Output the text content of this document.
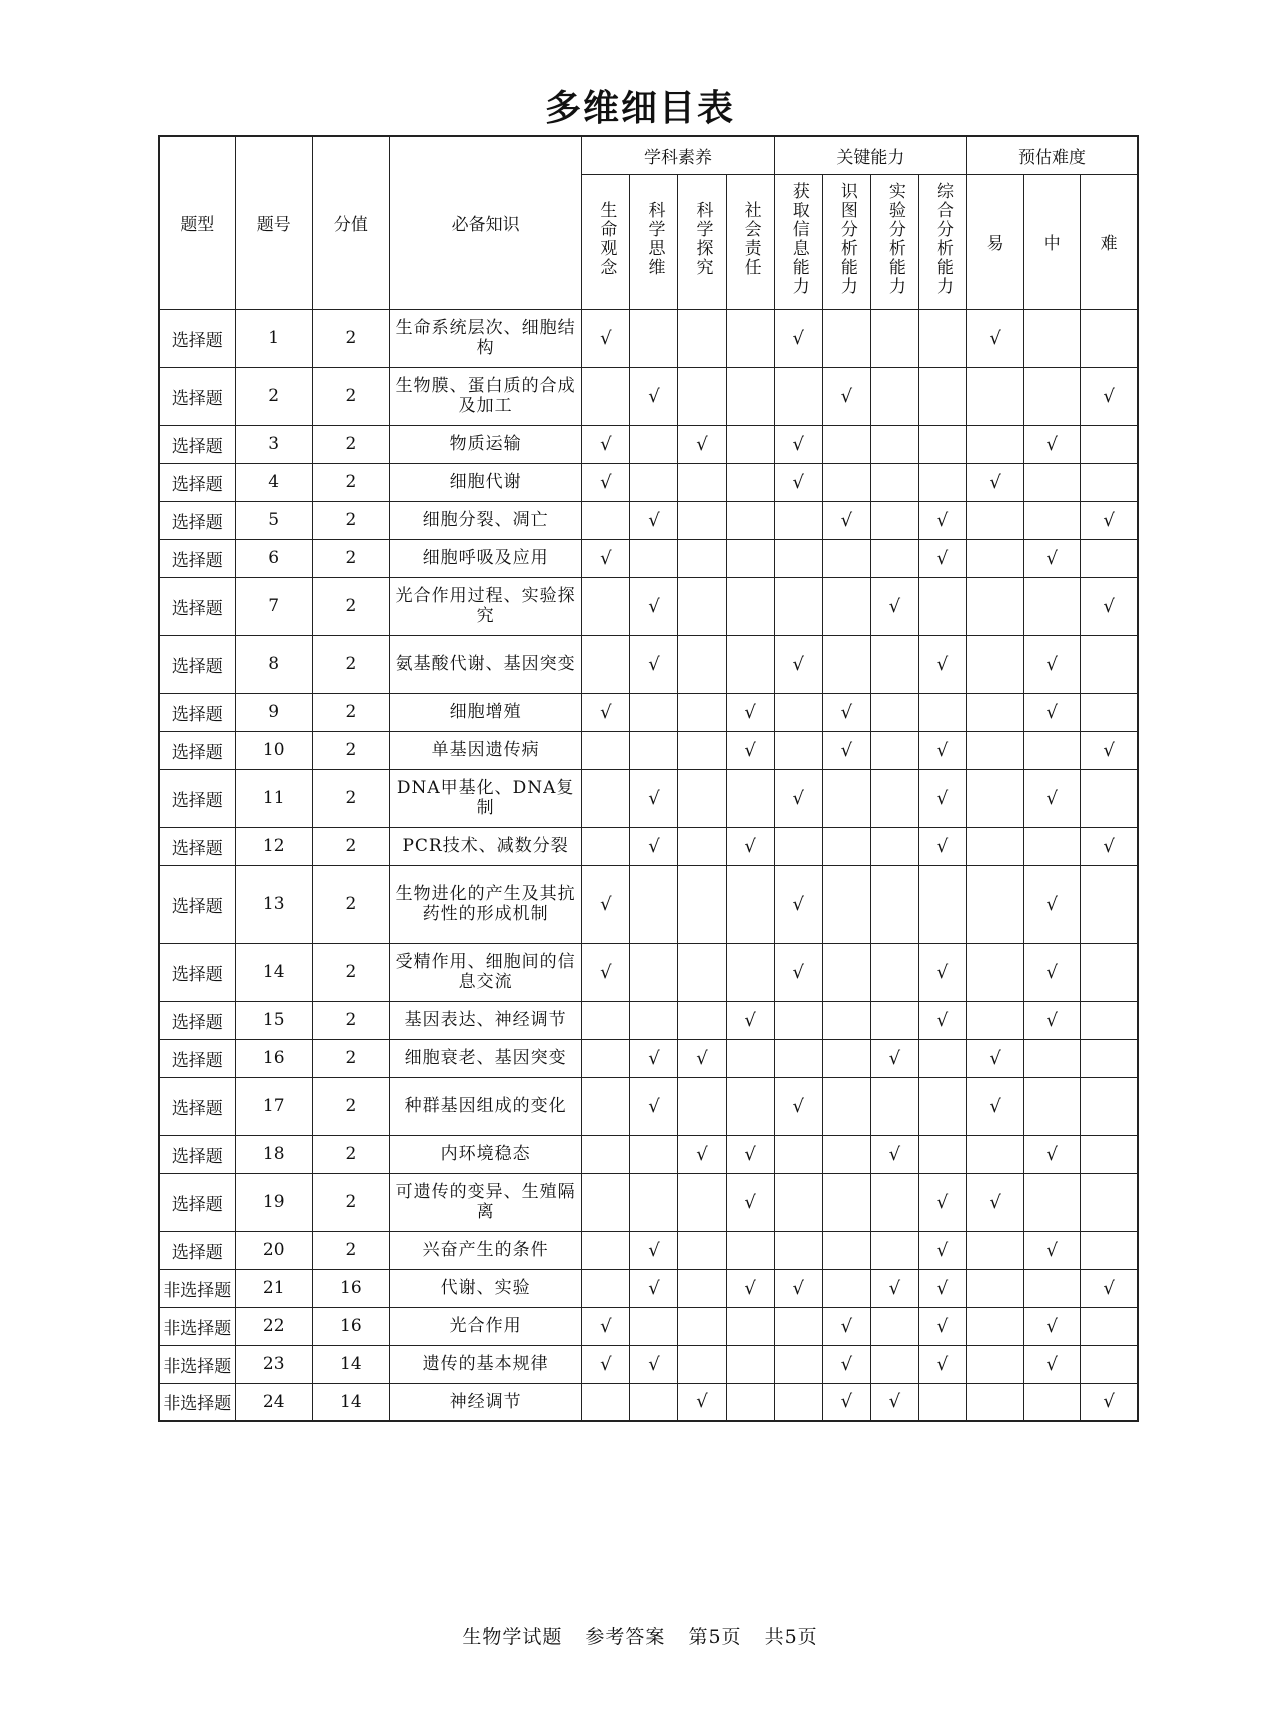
多维细目表
题型	题号	分值	必备知识	学科素养				关键能力				预估难度		
				生命观念	科学思维	科学探究	社会责任	获取信息能力	识图分析能力	实验分析能力	综合分析能力	易	中	难
选择题	1	2	生命系统层次、细胞结构	√				√				√		
选择题	2	2	生物膜、蛋白质的合成及加工		√				√					√
选择题	3	2	物质运输	√		√		√					√	
选择题	4	2	细胞代谢	√				√				√		
选择题	5	2	细胞分裂、凋亡		√				√		√			√
选择题	6	2	细胞呼吸及应用	√							√		√	
选择题	7	2	光合作用过程、实验探究		√					√				√
选择题	8	2	氨基酸代谢、基因突变		√			√			√		√	
选择题	9	2	细胞增殖	√			√		√				√	
选择题	10	2	单基因遗传病				√		√		√			√
选择题	11	2	DNA甲基化、DNA复制		√			√			√		√	
选择题	12	2	PCR技术、减数分裂		√		√				√			√
选择题	13	2	生物进化的产生及其抗药性的形成机制	√				√					√	
选择题	14	2	受精作用、细胞间的信息交流	√				√			√		√	
选择题	15	2	基因表达、神经调节				√				√		√	
选择题	16	2	细胞衰老、基因突变		√	√				√		√		
选择题	17	2	种群基因组成的变化		√			√				√		
选择题	18	2	内环境稳态			√	√			√			√	
选择题	19	2	可遗传的变异、生殖隔离				√				√	√		
选择题	20	2	兴奋产生的条件		√						√		√	
非选择题	21	16	代谢、实验		√		√	√		√	√			√
非选择题	22	16	光合作用	√					√		√		√	
非选择题	23	14	遗传的基本规律	√	√				√		√		√	
非选择题	24	14	神经调节			√			√	√				√
生物学试题 参考答案 第5页 共5页
